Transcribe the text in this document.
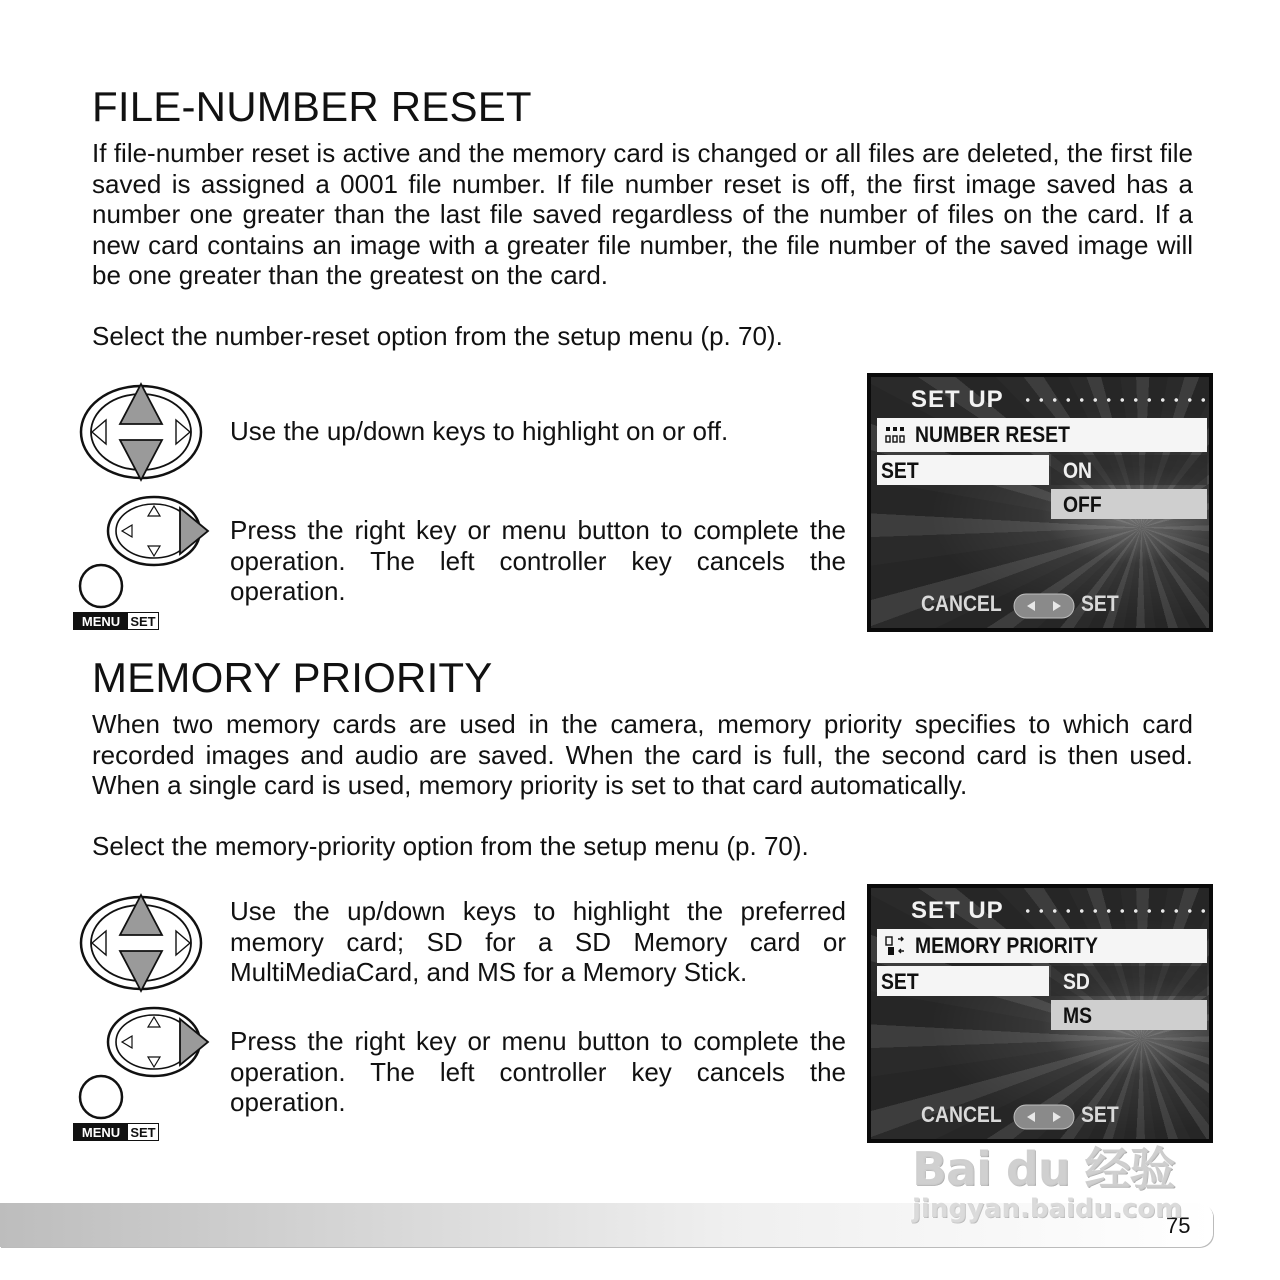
FILE-NUMBER RESET

If file-number reset is active and the memory card is changed or all files are deleted, the first file saved is assigned a 0001 file number. If file number reset is off, the first image saved has a number one greater than the last file saved regardless of the number of files on the card. If a new card contains an image with a greater file number, the file number of the saved image will be one greater than the greatest on the card.

Select the number-reset option from the setup menu (p. 70).

Use the up/down keys to highlight on or off.

MENU SET

Press the right key or menu button to complete the operation. The left controller key cancels the operation.

SET UP
NUMBER RESET
SET	ON
OFF
CANCEL	SET
MEMORY PRIORITY

When two memory cards are used in the camera, memory priority specifies to which card recorded images and audio are saved. When the card is full, the second card is then used. When a single card is used, memory priority is set to that card automatically.

Select the memory-priority option from the setup menu (p. 70).

Use the up/down keys to highlight the preferred memory card; SD for a SD Memory card or MultiMediaCard, and MS for a Memory Stick.

MENU SET

Press the right key or menu button to complete the operation. The left controller key cancels the operation.

SET UP
MEMORY PRIORITY
SET	SD
MS
CANCEL	SET
75
Bai du 经验
jingyan.baidu.com
